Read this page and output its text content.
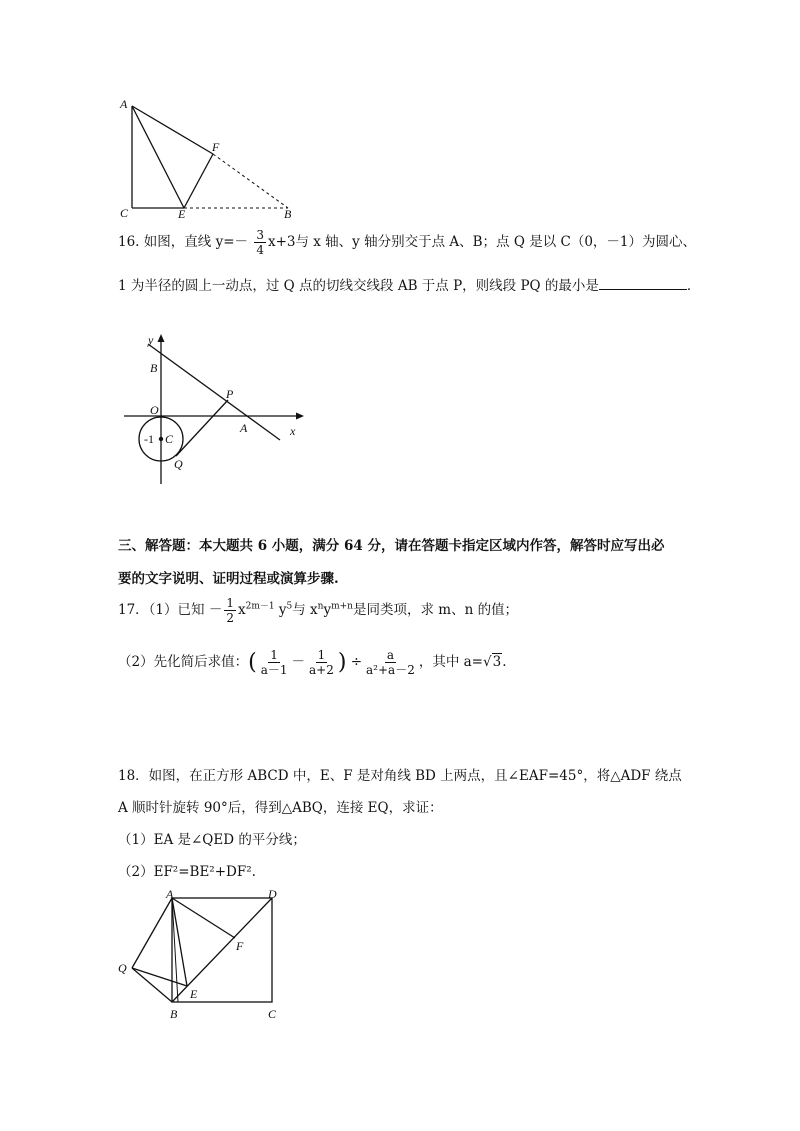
A
F
C	E	B
16. 如图，直线 $y=- \frac{3}{4} x+3$与 x 轴、y 轴分别交于点 A、B；点 Q 是以 C（0，－1）为圆心、
1 为半径的圆上一动点，过 Q 点的切线交线段 AB 于点 P，则线段 PQ 的最小是	．
y
B
P
O
A	x
-1 C
Q
三、解答题：本大题共 6 小题，满分 64 分，请在答题卡指定区域内作答，解答时应写出必
要的文字说明、证明过程或演算步骤.
17．（1）已知 － $\frac{1}{2} x^{2m-1}$ $y^5$与 $x^ny^{m+n}$是同类项，求 m、n 的值；
（2）先化简后求值：( $\frac{1}{a-1} - \frac{1}{a+2}$ ) ÷ $\frac{a}{\text{a²+a－2}}$ ，其中 a=√3.
18．如图，在正方形 ABCD 中，E、F 是对角线 BD 上两点，且∠EAF=45°，将△ADF 绕点
A 顺时针旋转 90°后，得到△ABQ，连接 EQ，求证：
（1）EA 是∠QED 的平分线；
（2）EF²=BE²+DF².
A	D
Q
F
E
B	C
